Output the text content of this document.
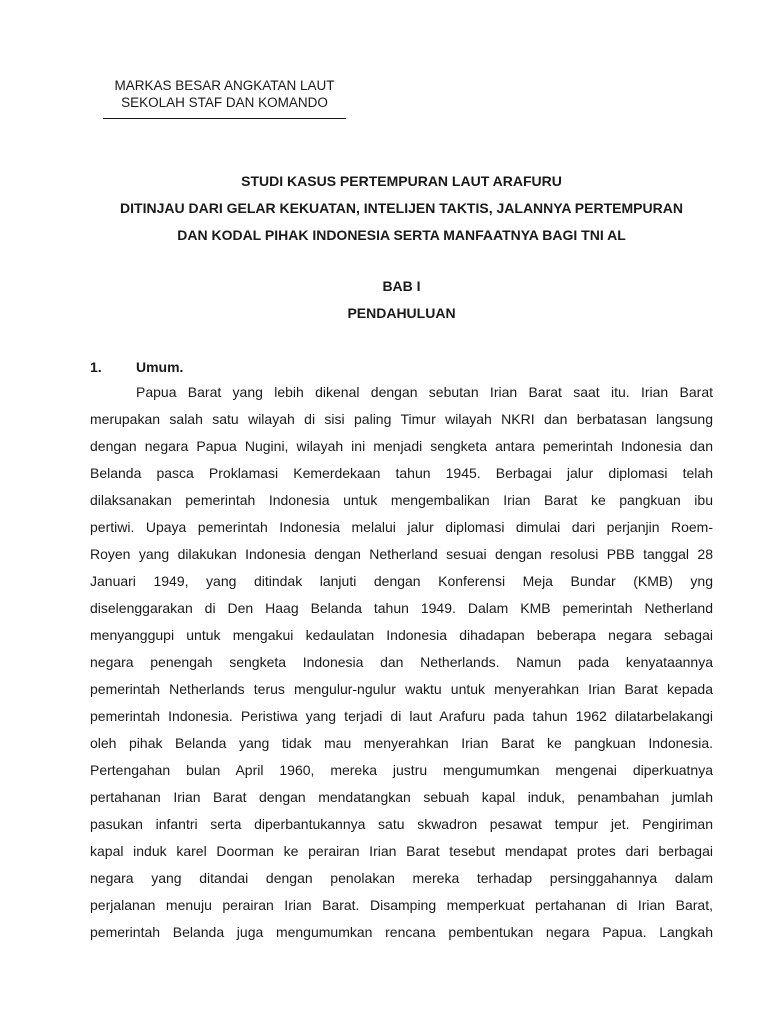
MARKAS BESAR ANGKATAN LAUT
SEKOLAH STAF DAN KOMANDO
STUDI KASUS PERTEMPURAN LAUT ARAFURU
DITINJAU DARI GELAR KEKUATAN, INTELIJEN TAKTIS, JALANNYA PERTEMPURAN
DAN KODAL PIHAK INDONESIA SERTA MANFAATNYA BAGI TNI AL
BAB I
PENDAHULUAN
1. Umum.
Papua Barat yang lebih dikenal dengan sebutan Irian Barat saat itu. Irian Barat
merupakan salah satu wilayah di sisi paling Timur wilayah NKRI dan berbatasan langsung
dengan negara Papua Nugini, wilayah ini menjadi sengketa antara pemerintah Indonesia dan
Belanda pasca Proklamasi Kemerdekaan tahun 1945. Berbagai jalur diplomasi telah
dilaksanakan pemerintah Indonesia untuk mengembalikan Irian Barat ke pangkuan ibu
pertiwi. Upaya pemerintah Indonesia melalui jalur diplomasi dimulai dari perjanjin Roem-
Royen yang dilakukan Indonesia dengan Netherland sesuai dengan resolusi PBB tanggal 28
Januari 1949, yang ditindak lanjuti dengan Konferensi Meja Bundar (KMB) yng
diselenggarakan di Den Haag Belanda tahun 1949. Dalam KMB pemerintah Netherland
menyanggupi untuk mengakui kedaulatan Indonesia dihadapan beberapa negara sebagai
negara penengah sengketa Indonesia dan Netherlands. Namun pada kenyataannya
pemerintah Netherlands terus mengulur-ngulur waktu untuk menyerahkan Irian Barat kepada
pemerintah Indonesia. Peristiwa yang terjadi di laut Arafuru pada tahun 1962 dilatarbelakangi
oleh pihak Belanda yang tidak mau menyerahkan Irian Barat ke pangkuan Indonesia.
Pertengahan bulan April 1960, mereka justru mengumumkan mengenai diperkuatnya
pertahanan Irian Barat dengan mendatangkan sebuah kapal induk, penambahan jumlah
pasukan infantri serta diperbantukannya satu skwadron pesawat tempur jet. Pengiriman
kapal induk karel Doorman ke perairan Irian Barat tesebut mendapat protes dari berbagai
negara yang ditandai dengan penolakan mereka terhadap persinggahannya dalam
perjalanan menuju perairan Irian Barat. Disamping memperkuat pertahanan di Irian Barat,
pemerintah Belanda juga mengumumkan rencana pembentukan negara Papua. Langkah
